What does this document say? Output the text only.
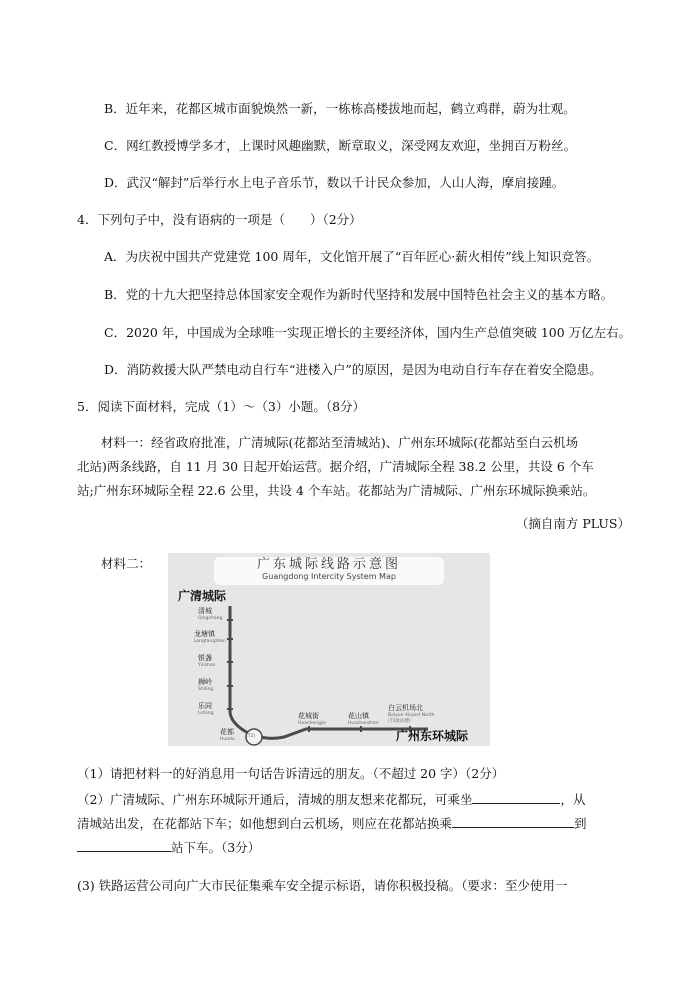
B．近年来，花都区城市面貌焕然一新，一栋栋高楼拔地而起，鹤立鸡群，蔚为壮观。
C．网红教授博学多才，上课时风趣幽默，断章取义，深受网友欢迎，坐拥百万粉丝。
D．武汉“解封”后举行水上电子音乐节，数以千计民众参加，人山人海，摩肩接踵。
4．下列句子中，没有语病的一项是（　　）（2分）
A．为庆祝中国共产党建党 100 周年，文化馆开展了“百年匠心·薪火相传”线上知识竞答。
B．党的十九大把坚持总体国家安全观作为新时代坚持和发展中国特色社会主义的基本方略。
C．2020 年，中国成为全球唯一实现正增长的主要经济体，国内生产总值突破 100 万亿左右。
D．消防救援大队严禁电动自行车“进楼入户”的原因，是因为电动自行车存在着安全隐患。
5．阅读下面材料，完成（1）～（3）小题。（8分）
材料一：经省政府批准，广清城际(花都站至清城站)、广州东环城际(花都站至白云机场
北站)两条线路，自 11 月 30 日起开始运营。据介绍，广清城际全程 38.2 公里，共设 6 个车
站;广州东环城际全程 22.6 公里，共设 4 个车站。花都站为广清城际、广州东环城际换乘站。
（摘自南方 PLUS）
材料二：	广东城际线路示意图
Guangdong Intercity System Map
广清城际
清城
Qingcheng
龙塘镇
Longtangzhen
银盏
Yinzhan
狮岭
Shiling
乐同
Letong
花都
Huadu
(T2)
花城街
Huachengjie
花山镇
Huashanzhen
白云机场北
Baiyun Airport North
(T1航站楼)
广州东环城际
（1）请把材料一的好消息用一句话告诉清远的朋友。（不超过 20 字）（2分）
（2）广清城际、广州东环城际开通后，清城的朋友想来花都玩，可乘坐	，从
清城站出发，在花都站下车；如他想到白云机场，则应在花都站换乘	到
站下车。（3分）
(3) 铁路运营公司向广大市民征集乘车安全提示标语，请你积极投稿。（要求：至少使用一
